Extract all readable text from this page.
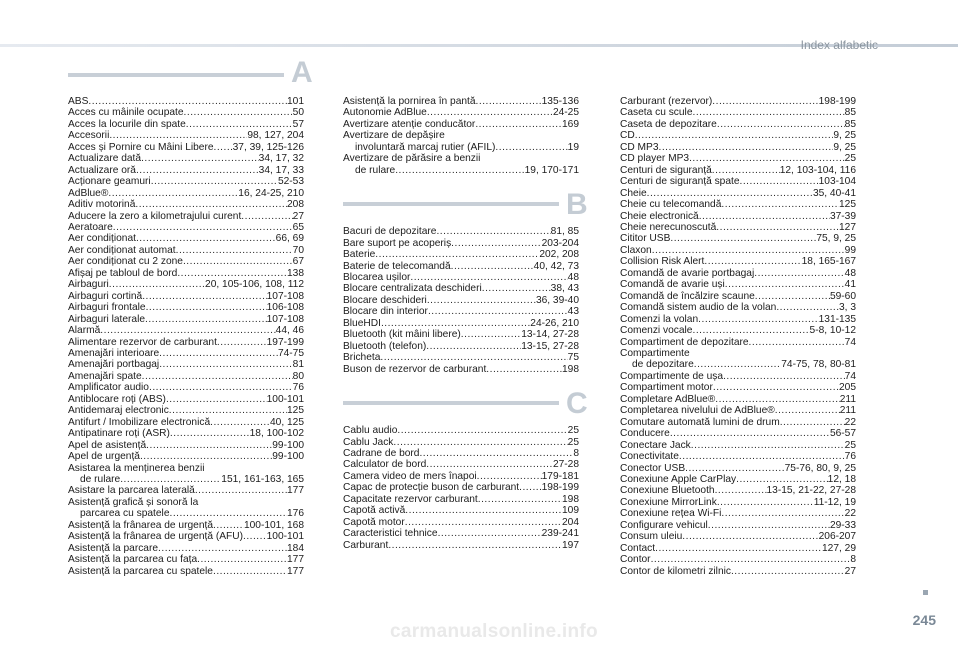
Index alfabetic
A
ABS .....	101
Acces cu mâinile ocupate .....	50
Acces la locurile din spate .....	57
Accesorii .....	98, 127, 204
Acces și Pornire cu Mâini Libere ..... 37, 39, 125-126
Actualizare dată .....	34, 17, 32
Actualizare oră .....	34, 17, 33
Acționare geamuri .....	52-53
AdBlue® .....	16, 24-25, 210
Aditiv motorină .....	208
Aducere la zero a kilometrajului curent .....	27
Aeratoare .....	65
Aer condiționat .....	66, 69
Aer condiționat automat .....	70
Aer condiționat cu 2 zone .....	67
Afișaj pe tabloul de bord .....	138
Airbaguri .....	20, 105-106, 108, 112
Airbaguri cortină .....	107-108
Airbaguri frontale .....	106-108
Airbaguri laterale .....	107-108
Alarmă .....	44, 46
Alimentare rezervor de carburant .....	197-199
Amenajări interioare .....	74-75
Amenajări portbagaj .....	81
Amenajări spate .....	80
Amplificator audio .....	76
Antiblocare roți (ABS) .....	100-101
Antidemaraj electronic .....	125
Antifurt / Imobilizare electronică .....	40, 125
Antipatinare roți (ASR) .....	18, 100-102
Apel de asistență .....	99-100
Apel de urgență .....	99-100
Asistarea la menținerea benzii
de rulare .....	151, 161-163, 165
Asistare la parcarea laterală .....	177
Asistență grafică și sonoră la
parcarea cu spatele .....	176
Asistență la frânarea de urgență .....	100-101, 168
Asistență la frânarea de urgență (AFU) ..... 100-101
Asistență la parcare .....	184
Asistență la parcarea cu fața .....	177
Asistență la parcarea cu spatele .....	177
Asistență la pornirea în pantă .....	135-136
Autonomie AdBlue .....	24-25
Avertizare atenție conducător .....	169
Avertizare de depășire
involuntară marcaj rutier (AFIL) .....	19
Avertizare de părăsire a benzii
de rulare .....	19, 170-171
B
Bacuri de depozitare .....	81, 85
Bare suport pe acoperiș .....	203-204
Baterie .....	202, 208
Baterie de telecomandă .....	40, 42, 73
Blocarea ușilor .....	48
Blocare centralizata deschideri .....	38, 43
Blocare deschideri .....	36, 39-40
Blocare din interior .....	43
BlueHDI .....	24-26, 210
Bluetooth (kit mâini libere) .....	13-14, 27-28
Bluetooth (telefon) .....	13-15, 27-28
Bricheta .....	75
Buson de rezervor de carburant .....	198
C
Cablu audio .....	25
Cablu Jack .....	25
Cadrane de bord .....	8
Calculator de bord .....	27-28
Camera video de mers înapoi .....	179-181
Capac de protecție buson de carburant ..... 198-199
Capacitate rezervor carburant .....	198
Capotă activă .....	109
Capotă motor .....	204
Caracteristici tehnice .....	239-241
Carburant .....	197
Carburant (rezervor) .....	198-199
Caseta cu scule .....	85
Caseta de depozitare .....	85
CD .....	9, 25
CD MP3 .....	9, 25
CD player MP3 .....	25
Centuri de siguranță .....	12, 103-104, 116
Centuri de siguranță spate .....	103-104
Cheie .....	35, 40-41
Cheie cu telecomandă .....	125
Cheie electronică .....	37-39
Cheie nerecunoscută .....	127
Cititor USB .....	75, 9, 25
Claxon .....	99
Collision Risk Alert .....	18, 165-167
Comandă de avarie portbagaj .....	48
Comandă de avarie uși .....	41
Comandă de încălzire scaune .....	59-60
Comandă sistem audio de la volan .....	3, 3
Comenzi la volan .....	131-135
Comenzi vocale .....	5-8, 10-12
Compartiment de depozitare .....	74
Compartimente
de depozitare .....	74-75, 78, 80-81
Compartimente de ușa .....	74
Compartiment motor .....	205
Completare AdBlue® .....	211
Completarea nivelului de AdBlue® .....	211
Comutare automată lumini de drum .....	22
Conducere .....	56-57
Conectare Jack .....	25
Conectivitate .....	76
Conector USB .....	75-76, 80, 9, 25
Conexiune Apple CarPlay .....	12, 18
Conexiune Bluetooth .....	13-15, 21-22, 27-28
Conexiune MirrorLink .....	11-12, 19
Conexiune rețea Wi-Fi .....	22
Configurare vehicul .....	29-33
Consum uleiu .....	206-207
Contact .....	127, 29
Contor .....	8
Contor de kilometri zilnic .....	27
245
carmanualsonline.info
